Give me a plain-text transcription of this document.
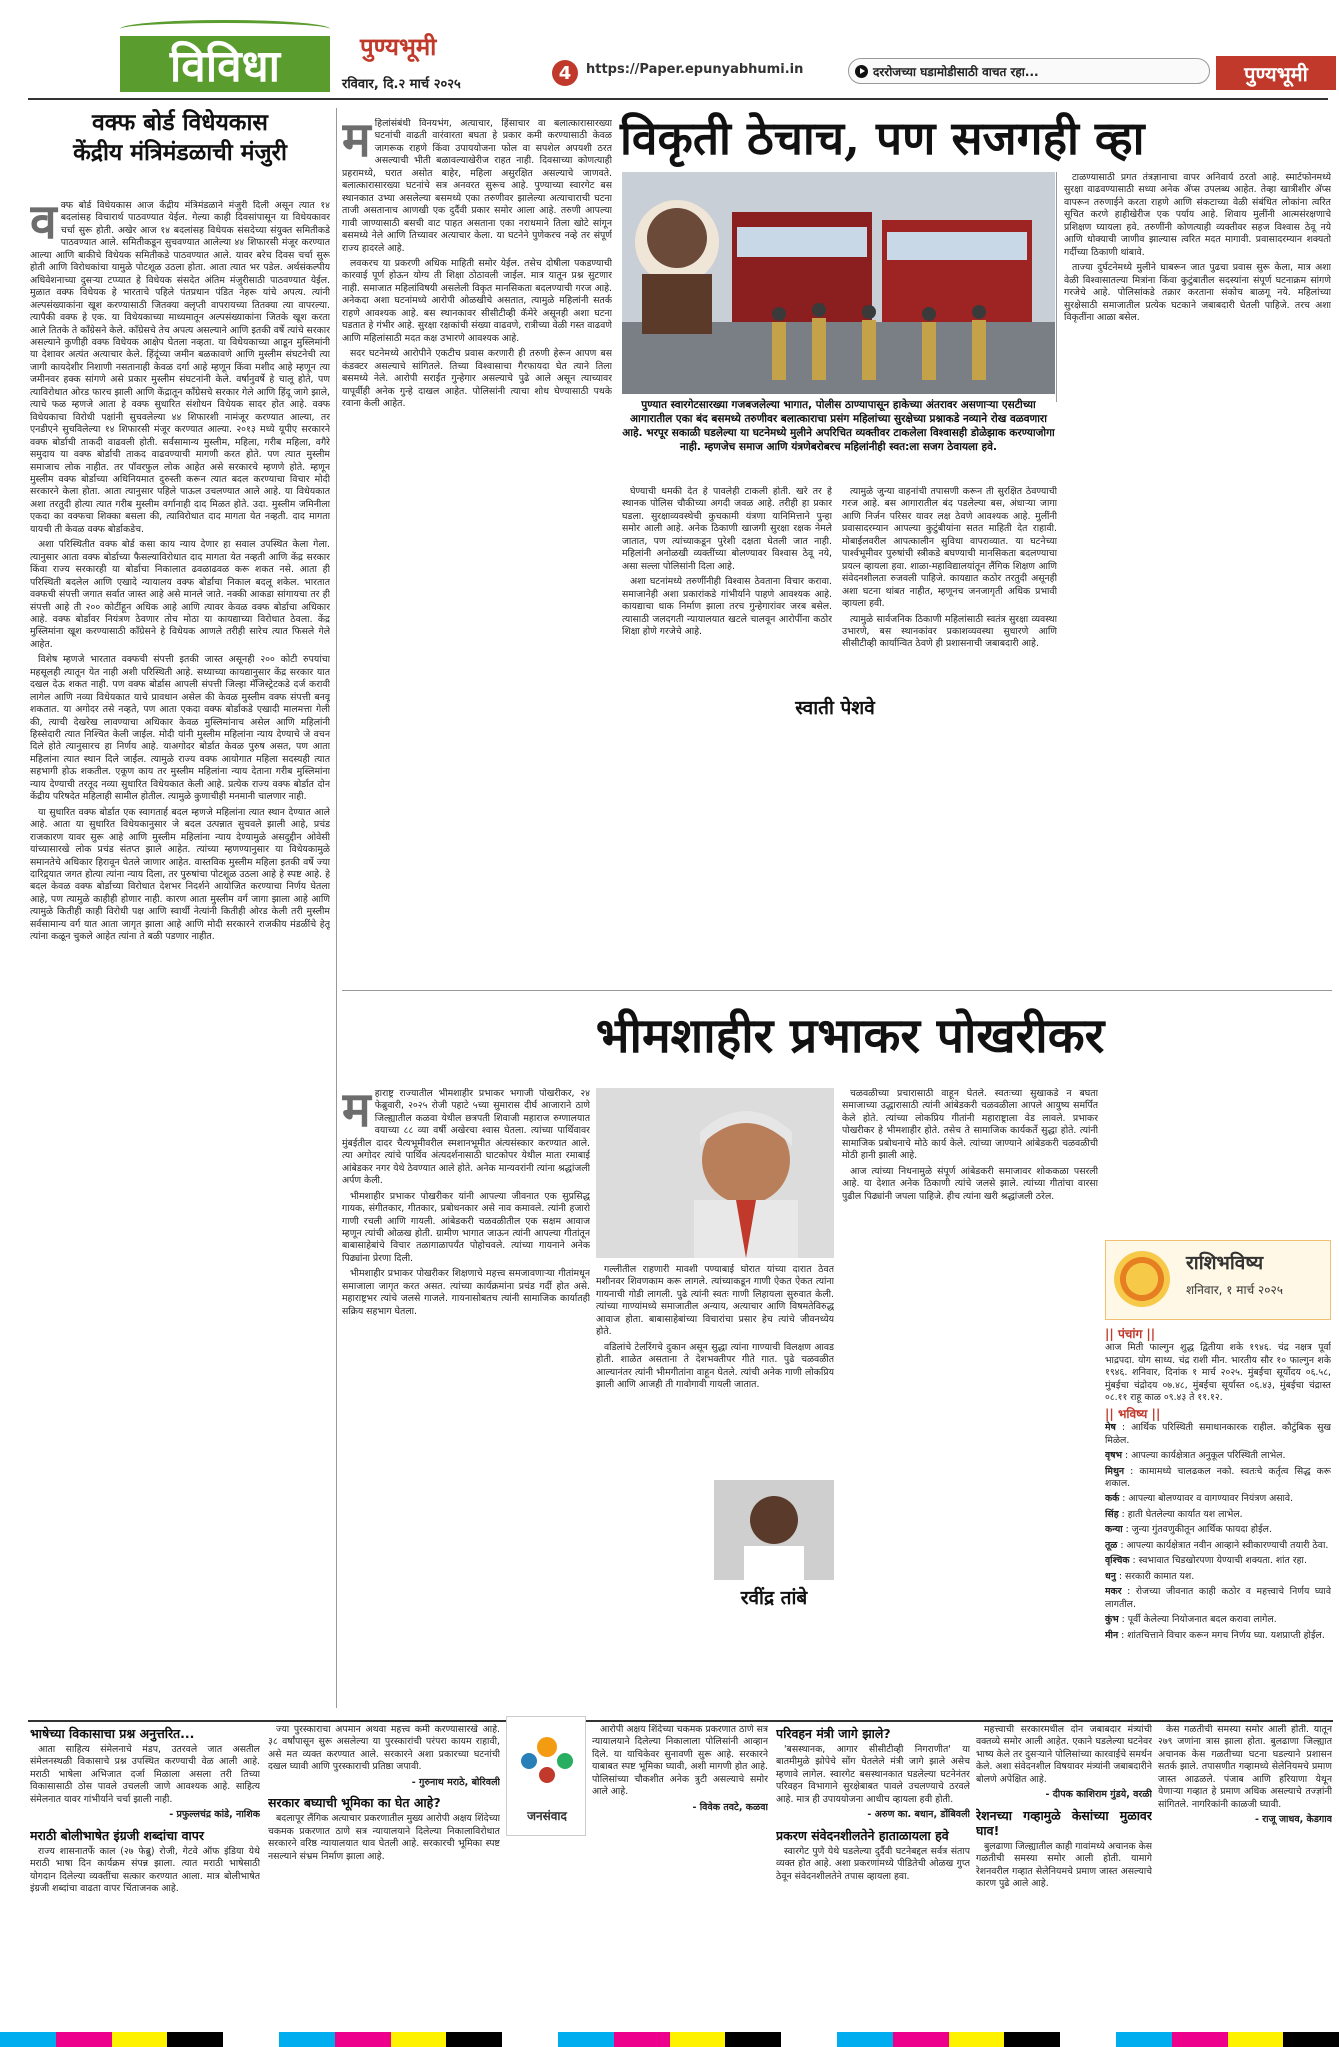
विविधा	पुण्यभूमी
रविवार, दि.२ मार्च २०२५
4	https://Paper.epunyabhumi.in	दररोजच्या घडामोडीसाठी वाचत रहा...	पुण्यभूमी
वक्फ बोर्ड विधेयकास
केंद्रीय मंत्रिमंडळाची मंजुरी

वक्फ बोर्ड विधेयकास आज केंद्रीय मंत्रिमंडळाने मंजुरी दिली असून त्यात १४ बदलांसह विचारार्थ पाठवण्यात येईल. गेल्या काही दिवसांपासून या विधेयकावर चर्चा सुरू होती. अखेर आज १४ बदलांसह विधेयक संसदेच्या संयुक्त समितीकडे पाठवण्यात आले. समितीकडून सुचवण्यात आलेल्या ४४ शिफारसी मंजूर करण्यात आल्या आणि बाकीचे विधेयक समितीकडे पाठवण्यात आले. यावर बरेच दिवस चर्चा सुरू होती आणि विरोधकांचा यामुळे पोटशूळ उठला होता. आता त्यात भर पडेल. अर्थसंकल्पीय अधिवेशनाच्या दुसऱ्या टप्प्यात हे विधेयक संसदेत अंतिम मंजुरीसाठी पाठवण्यात येईल. मुळात वक्फ विधेयक हे भारताचे पहिले पंतप्रधान पंडित नेहरू यांचे अपत्य. त्यांनी अल्पसंख्याकांना खूश करण्यासाठी जितक्या क्लृप्ती वापरायच्या तितक्या त्या वापरल्या. त्यापैकी वक्फ हे एक. या विधेयकाच्या माध्यमातून अल्पसंख्याकांना जितके खूश करता आले तितके ते काँग्रेसने केले. काँग्रेसचे तेच अपत्य असल्याने आणि इतकी वर्षे त्यांचे सरकार असल्याने कुणीही वक्फ विधेयक आक्षेप घेतला नव्हता. या विधेयकाच्या आडून मुस्लिमांनी या देशावर अत्यंत अत्याचार केले. हिंदूंच्या जमीन बळकावणे आणि मुस्लीम संघटनेची त्या जागी कायदेशीर निशाणी नसतानाही केवळ दर्गा आहे म्हणून किंवा मशीद आहे म्हणून त्या जमीनवर हक्क सांगणे असे प्रकार मुस्लीम संघटनांनी केले. वर्षानुवर्षे हे चालू होते, पण त्याविरोधात ओरड फारच झाली आणि केंद्रातून काँग्रेसचे सरकार गेले आणि हिंदू जागे झाले, त्याचे फळ म्हणजे आता हे वक्फ सुधारित संशोधन विधेयक सादर होत आहे. वक्फ विधेयकाचा विरोधी पक्षांनी सुचवलेल्या ४४ शिफारशी नामंजूर करण्यात आल्या, तर एनडीएने सुचविलेल्या १४ शिफारसी मंजूर करण्यात आल्या. २०१३ मध्ये यूपीए सरकारने वक्फ बोर्डाची ताकदी वाढवली होती. सर्वसामान्य मुस्लीम, महिला, गरीब महिला, वगैरे समुदाय या वक्फ बोर्डाची ताकद वाढवण्याची मागणी करत होते. पण त्यात मुस्लीम समाजाच लोक नाहीत. तर पॉवरफुल लोक आहेत असे सरकारचे म्हणणे होते. म्हणून मुस्लीम वक्फ बोर्डाच्या अधिनियमात दुरुस्ती करून त्यात बदल करण्याचा विचार मोदी सरकारने केला होता. आता त्यानुसार पहिले पाऊल उचलण्यात आले आहे. या विधेयकात अशा तरतुदी होत्या त्यात गरीब मुस्लीम वर्गानाही दाद मिळत होते. उदा. मुस्लीम जमिनीला एकदा का वक्फचा शिक्का बसला की, त्याविरोधात दाद मागता येत नव्हती. दाद मागता यायची ती केवळ वक्फ बोर्डाकडेच.

अशा परिस्थितीत वक्फ बोर्ड कसा काय न्याय देणार हा सवाल उपस्थित केला गेला. त्यानुसार आता वक्फ बोर्डाच्या फैसल्याविरोधात दाद मागता येत नव्हती आणि केंद्र सरकार किंवा राज्य सरकारही या बोर्डाचा निकालात ढवळाढवळ करू शकत नसे. आता ही परिस्थिती बदलेल आणि एखादे न्यायालय वक्फ बोर्डाचा निकाल बदलू शकेल. भारतात वक्फची संपत्ती जगात सर्वात जास्त आहे असे मानले जाते. नक्की आकडा सांगायचा तर ही संपत्ती आहे ती २०० कोटींहून अधिक आहे आणि त्यावर केवळ वक्फ बोर्डाचा अधिकार आहे. वक्फ बोर्डावर नियंत्रण ठेवणार तोच मोठा या कायद्याच्या विरोधात ठेवला. केंद्र मुस्लिमांना खूश करण्यासाठी काँग्रेसने हे विधेयक आणले तरीही सारेच त्यात फिसले गेले आहेत.

विशेष म्हणजे भारतात वक्फची संपत्ती इतकी जास्त असूनही २०० कोटी रुपयांचा महसूलही त्यातून येत नाही अशी परिस्थिती आहे. सध्याच्या कायद्यानुसार केंद्र सरकार यात दखल देऊ शकत नाही. पण वक्फ बोर्डास आपली संपत्ती जिल्हा मॅजिस्ट्रेटकडे दर्ज करावी लागेल आणि नव्या विधेयकात याचे प्रावधान असेल की केवळ मुस्लीम वक्फ संपत्ती बनवू शकतात. या अगोदर तसे नव्हते, पण आता एकदा वक्फ बोर्डाकडे एखादी मालमत्ता गेली की, त्याची देखरेख लावण्याचा अधिकार केवळ मुस्लिमांनाच असेल आणि महिलांनी हिस्सेदारी त्यात निश्चित केली जाईल. मोदी यांनी मुस्लीम महिलांना न्याय देण्याचे जे वचन दिले होते त्यानुसारच हा निर्णय आहे. याअगोदर बोर्डात केवळ पुरुष असत, पण आता महिलांना त्यात स्थान दिले जाईल. त्यामुळे राज्य वक्फ आयोगात महिला सदस्यही त्यात सहभागी होऊ शकतील. एकूण काय तर मुस्लीम महिलांना न्याय देताना गरीब मुस्लिमांना न्याय देण्याची तरतूद नव्या सुधारित विधेयकात केली आहे. प्रत्येक राज्य वक्फ बोर्डात दोन केंद्रीय परिषदेत महिलाही सामील होतील. त्यामुळे कुणाचीही मनमानी चालणार नाही.

या सुधारित वक्फ बोर्डात एक स्वागतार्ह बदल म्हणजे महिलांना त्यात स्थान देण्यात आले आहे. आता या सुधारित विधेयकानुसार जे बदल उत्पन्नात सुचवले झाली आहे, प्रचंड राजकारण यावर सुरू आहे आणि मुस्लीम महिलांना न्याय देण्यामुळे असदुद्दीन ओवेसी यांच्यासारखे लोक प्रचंड संतप्त झाले आहेत. त्यांच्या म्हणण्यानुसार या विधेयकामुळे समानतेचे अधिकार हिरावून घेतले जाणार आहेत. वास्तविक मुस्लीम महिला इतकी वर्षे ज्या दारिद्र्यात जगत होत्या त्यांना न्याय दिला, तर पुरुषांचा पोटशूळ उठला आहे हे स्पष्ट आहे. हे बदल केवळ वक्फ बोर्डाच्या विरोधात देशभर निदर्शने आयोजित करण्याचा निर्णय घेतला आहे, पण त्यामुळे काहीही होणार नाही. कारण आता मुस्लीम वर्ग जागा झाला आहे आणि त्यामुळे कितीही काही विरोधी पक्ष आणि स्वार्थी नेत्यांनी कितीही ओरड केली तरी मुस्लीम सर्वसामान्य वर्ग यात आता जागृत झाला आहे आणि मोदी सरकारने राजकीय मंडळींचे हेतू त्यांना कळून चुकले आहेत त्यांना ते बळी पडणार नाहीत.

विकृती ठेचाच, पण सजगही व्हा

महिलांसंबंधी विनयभंग, अत्याचार, हिंसाचार वा बलात्कारासारख्या घटनांची वाढती वारंवारता बघता हे प्रकार कमी करण्यासाठी केवळ जागरूक राहणे किंवा उपाययोजना फोल वा सपशेल अपयशी ठरत असल्याची भीती बळावल्याखेरीज राहत नाही. दिवसाच्या कोणत्याही प्रहरामध्ये, घरात असोत बाहेर, महिला असुरक्षित असल्याचे जाणवते. बलात्कारासारख्या घटनांचे सत्र अनवरत सुरूच आहे. पुण्याच्या स्वारगेट बस स्थानकात उभ्या असलेल्या बसमध्ये एका तरुणीवर झालेल्या अत्याचाराची घटना ताजी असतानाच आणखी एक दुर्दैवी प्रकार समोर आला आहे. तरुणी आपल्या गावी जाण्यासाठी बसची वाट पाहत असताना एका नराधमाने तिला खोटे सांगून बसमध्ये नेले आणि तिच्यावर अत्याचार केला. या घटनेने पुणेकरच नव्हे तर संपूर्ण राज्य हादरले आहे.

लवकरच या प्रकरणी अधिक माहिती समोर येईल. तसेच दोषीला पकडण्याची कारवाई पूर्ण होऊन योग्य ती शिक्षा ठोठावली जाईल. मात्र यातून प्रश्न सुटणार नाही. समाजात महिलांविषयी असलेली विकृत मानसिकता बदलण्याची गरज आहे. अनेकदा अशा घटनांमध्ये आरोपी ओळखीचे असतात, त्यामुळे महिलांनी सतर्क राहणे आवश्यक आहे. बस स्थानकावर सीसीटीव्ही कॅमेरे असूनही अशा घटना घडतात हे गंभीर आहे. सुरक्षा रक्षकांची संख्या वाढवणे, रात्रीच्या वेळी गस्त वाढवणे आणि महिलांसाठी मदत कक्ष उभारणे आवश्यक आहे.

सदर घटनेमध्ये आरोपीने एकटीच प्रवास करणारी ही तरुणी हेरून आपण बस कंडक्टर असल्याचे सांगितले. तिच्या विश्वासाचा गैरफायदा घेत त्याने तिला बसमध्ये नेले. आरोपी सराईत गुन्हेगार असल्याचे पुढे आले असून त्याच्यावर यापूर्वीही अनेक गुन्हे दाखल आहेत. पोलिसांनी त्याचा शोध घेण्यासाठी पथके रवाना केली आहेत.	पुण्यात स्वारगेटसारख्या गजबजलेल्या भागात, पोलीस ठाण्यापासून हाकेच्या अंतरावर असणाऱ्या एसटीच्या आगारातील एका बंद बसमध्ये तरुणीवर बलात्काराचा प्रसंग महिलांच्या सुरक्षेच्या प्रश्नाकडे नव्याने रोख वळवणारा आहे. भरपूर सकाळी घडलेल्या या घटनेमध्ये मुलीने अपरिचित व्यक्तीवर टाकलेला विश्वासही डोळेझाक करण्याजोगा नाही. म्हणजेच समाज आणि यंत्रणेबरोबरच महिलांनीही स्वत:ला सजग ठेवायला हवे.

घेण्याची धमकी देत हे पावलेही टाकली होती. खरे तर हे स्थानक पोलिस चौकीच्या अगदी जवळ आहे. तरीही हा प्रकार घडला. सुरक्षाव्यवस्थेची कुचकामी यंत्रणा यानिमित्ताने पुन्हा समोर आली आहे. अनेक ठिकाणी खाजगी सुरक्षा रक्षक नेमले जातात, पण त्यांच्याकडून पुरेशी दक्षता घेतली जात नाही. महिलांनी अनोळखी व्यक्तींच्या बोलण्यावर विश्वास ठेवू नये, असा सल्ला पोलिसांनी दिला आहे.

अशा घटनांमध्ये तरुणींनीही विश्वास ठेवताना विचार करावा. समाजानेही अशा प्रकारांकडे गांभीर्याने पाहणे आवश्यक आहे. कायद्याचा धाक निर्माण झाला तरच गुन्हेगारांवर जरब बसेल. त्यासाठी जलदगती न्यायालयात खटले चालवून आरोपींना कठोर शिक्षा होणे गरजेचे आहे.

स्वाती पेशवे

त्यामुळे जुन्या वाहनांची तपासणी करून ती सुरक्षित ठेवण्याची गरज आहे. बस आगारातील बंद पडलेल्या बस, अंधाऱ्या जागा आणि निर्जन परिसर यावर लक्ष ठेवणे आवश्यक आहे. मुलींनी प्रवासादरम्यान आपल्या कुटुंबीयांना सतत माहिती देत राहावी. मोबाईलवरील आपत्कालीन सुविधा वापराव्यात. या घटनेच्या पार्श्वभूमीवर पुरुषांची स्त्रीकडे बघण्याची मानसिकता बदलण्याचा प्रयत्न व्हायला हवा. शाळा-महाविद्यालयांतून लैंगिक शिक्षण आणि संवेदनशीलता रुजवली पाहिजे. कायद्यात कठोर तरतुदी असूनही अशा घटना थांबत नाहीत, म्हणूनच जनजागृती अधिक प्रभावी व्हायला हवी.

त्यामुळे सार्वजनिक ठिकाणी महिलांसाठी स्वतंत्र सुरक्षा व्यवस्था उभारणे, बस स्थानकांवर प्रकाशव्यवस्था सुधारणे आणि सीसीटीव्ही कार्यान्वित ठेवणे ही प्रशासनाची जबाबदारी आहे.

टाळण्यासाठी प्रगत तंत्रज्ञानाचा वापर अनिवार्य ठरतो आहे. स्मार्टफोनमध्ये सुरक्षा वाढवण्यासाठी सध्या अनेक ॲप्स उपलब्ध आहेत. तेव्हा खात्रीशीर ॲप्स वापरून तरुणाईने करता राहणे आणि संकटाच्या वेळी संबंधित लोकांना त्वरित सूचित करणे हाहीखेरीज एक पर्याय आहे. शिवाय मुलींनी आत्मसंरक्षणाचे प्रशिक्षण घ्यायला हवे. तरुणींनी कोणत्याही व्यक्तीवर सहज विश्वास ठेवू नये आणि धोक्याची जाणीव झाल्यास त्वरित मदत मागावी. प्रवासादरम्यान शक्यतो गर्दीच्या ठिकाणी थांबावे.

ताज्या दुर्घटनेमध्ये मुलीने घाबरून जात पुढचा प्रवास सुरू केला, मात्र अशा वेळी विश्वासातल्या मित्रांना किंवा कुटुंबातील सदस्यांना संपूर्ण घटनाक्रम सांगणे गरजेचे आहे. पोलिसांकडे तक्रार करताना संकोच बाळगू नये. महिलांच्या सुरक्षेसाठी समाजातील प्रत्येक घटकाने जबाबदारी घेतली पाहिजे. तरच अशा विकृतींना आळा बसेल.

भीमशाहीर प्रभाकर पोखरीकर

महाराष्ट्र राज्यातील भीमशाहीर प्रभाकर भगाजी पोखरीकर, २४ फेब्रुवारी, २०२५ रोजी पहाटे ५च्या सुमारास दीर्घ आजाराने ठाणे जिल्ह्यातील कळवा येथील छत्रपती शिवाजी महाराज रुग्णालयात वयाच्या ८८ व्या वर्षी अखेरचा श्वास घेतला. त्यांच्या पार्थिवावर मुंबईतील दादर चैत्यभूमीवरील स्मशानभूमीत अंत्यसंस्कार करण्यात आले. त्या अगोदर त्यांचे पार्थिव अंत्यदर्शनासाठी घाटकोपर येथील माता रमाबाई आंबेडकर नगर येथे ठेवण्यात आले होते. अनेक मान्यवरांनी त्यांना श्रद्धांजली अर्पण केली.

भीमशाहीर प्रभाकर पोखरीकर यांनी आपल्या जीवनात एक सुप्रसिद्ध गायक, संगीतकार, गीतकार, प्रबोधनकार असे नाव कमावले. त्यांनी हजारो गाणी रचली आणि गायली. आंबेडकरी चळवळीतील एक सक्षम आवाज म्हणून त्यांची ओळख होती. ग्रामीण भागात जाऊन त्यांनी आपल्या गीतांतून बाबासाहेबांचे विचार तळागाळापर्यंत पोहोचवले. त्यांच्या गायनाने अनेक पिढ्यांना प्रेरणा दिली.

भीमशाहीर प्रभाकर पोखरीकर शिक्षणाचे महत्त्व समजावणाऱ्या गीतांमधून समाजाला जागृत करत असत. त्यांच्या कार्यक्रमांना प्रचंड गर्दी होत असे. महाराष्ट्रभर त्यांचे जलसे गाजले. गायनासोबतच त्यांनी सामाजिक कार्यातही सक्रिय सहभाग घेतला.

गल्लीतील राहणारी मावशी पण्याबाई घोरात यांच्या दारात ठेवत मशीनवर शिवणकाम करू लागले. त्यांच्याकडून गाणी ऐकत ऐकत त्यांना गायनाची गोडी लागली. पुढे त्यांनी स्वतः गाणी लिहायला सुरुवात केली. त्यांच्या गाण्यांमध्ये समाजातील अन्याय, अत्याचार आणि विषमतेविरुद्ध आवाज होता. बाबासाहेबांच्या विचारांचा प्रसार हेच त्यांचे जीवनध्येय होते.

वडिलांचे टेलरिंगचे दुकान असून सुद्धा त्यांना गाण्याची विलक्षण आवड होती. शाळेत असताना ते देशभक्तीपर गीते गात. पुढे चळवळीत आल्यानंतर त्यांनी भीमगीतांना वाहून घेतले. त्यांची अनेक गाणी लोकप्रिय झाली आणि आजही ती गावोगावी गायली जातात.

रवींद्र तांबे

चळवळीच्या प्रचारासाठी वाहून घेतले. स्वतःच्या सुखाकडे न बघता समाजाच्या उद्धारासाठी त्यांनी आंबेडकरी चळवळीला आपले आयुष्य समर्पित केले होते. त्यांच्या लोकप्रिय गीतांनी महाराष्ट्राला वेड लावले. प्रभाकर पोखरीकर हे भीमशाहीर होते. तसेच ते सामाजिक कार्यकर्ते सुद्धा होते. त्यांनी सामाजिक प्रबोधनाचे मोठे कार्य केले. त्यांच्या जाण्याने आंबेडकरी चळवळीची मोठी हानी झाली आहे.

आज त्यांच्या निधनामुळे संपूर्ण आंबेडकरी समाजावर शोककळा पसरली आहे. या देशात अनेक ठिकाणी त्यांचे जलसे झाले. त्यांच्या गीतांचा वारसा पुढील पिढ्यांनी जपला पाहिजे. हीच त्यांना खरी श्रद्धांजली ठरेल.

राशिभविष्य
शनिवार, १ मार्च २०२५
|| पंचांग ||

आज मिती फाल्गुन शुद्ध द्वितीया शके १९४६. चंद्र नक्षत्र पूर्वा भाद्रपदा. योग साध्य. चंद्र राशी मीन. भारतीय सौर १० फाल्गुन शके १९४६. शनिवार, दिनांक १ मार्च २०२५. मुंबईचा सूर्योदय ०६.५८, मुंबईचा चंद्रोदय ०७.४८, मुंबईचा सूर्यास्त ०६.४३, मुंबईचा चंद्रास्त ०८.११ राहू काळ ०९.४३ ते ११.१२.

|| भविष्य ||

मेष : आर्थिक परिस्थिती समाधानकारक राहील. कौटुंबिक सुख मिळेल.

वृषभ : आपल्या कार्यक्षेत्रात अनुकूल परिस्थिती लाभेल.

मिथुन : कामामध्ये चालढकल नको. स्वतःचे कर्तृत्व सिद्ध करू शकाल.

कर्क : आपल्या बोलण्यावर व वागण्यावर नियंत्रण असावे.

सिंह : हाती घेतलेल्या कार्यात यश लाभेल.

कन्या : जुन्या गुंतवणुकीतून आर्थिक फायदा होईल.

तूळ : आपल्या कार्यक्षेत्रात नवीन आव्हाने स्वीकारण्याची तयारी ठेवा.

वृश्चिक : स्वभावात चिडखोरपणा येण्याची शक्यता. शांत रहा.

धनु : सरकारी कामात यश.

मकर : रोजच्या जीवनात काही कठोर व महत्त्वाचे निर्णय घ्यावे लागतील.

कुंभ : पूर्वी केलेल्या नियोजनात बदल करावा लागेल.

मीन : शांतचित्ताने विचार करून मगच निर्णय घ्या. यशप्राप्ती होईल.

भाषेच्या विकासाचा प्रश्न अनुत्तरित...

आता साहित्य संमेलनाचे मंडप, उतरवले जात असतील संमेलनस्थळी विकासाचे प्रश्न उपस्थित करण्याची वेळ आली आहे. मराठी भाषेला अभिजात दर्जा मिळाला असला तरी तिच्या विकासासाठी ठोस पावले उचलली जाणे आवश्यक आहे. साहित्य संमेलनात यावर गांभीर्याने चर्चा झाली नाही.

- प्रफुल्लचंद्र कांडे, नाशिक
मराठी बोलीभाषेत इंग्रजी शब्दांचा वापर

राज्य शासनातर्फे काल (२७ फेब्रु) रोजी, गेटवे ऑफ इंडिया येथे मराठी भाषा दिन कार्यक्रम संपन्न झाला. त्यात मराठी भाषेसाठी योगदान दिलेल्या व्यक्तींचा सत्कार करण्यात आला. मात्र बोलीभाषेत इंग्रजी शब्दांचा वाढता वापर चिंताजनक आहे.

ज्या पुरस्काराचा अपमान अथवा महत्त्व कमी करण्यासारखे आहे. ३८ वर्षांपासून सुरू असलेल्या या पुरस्कारांची परंपरा कायम राहावी, असे मत व्यक्त करण्यात आले. सरकारने अशा प्रकारच्या घटनांची दखल घ्यावी आणि पुरस्काराची प्रतिष्ठा जपावी.

- गुरुनाथ मराठे, बोरिवली
सरकार बघ्याची भूमिका का घेत आहे?

बदलापूर लैंगिक अत्याचार प्रकरणातील मुख्य आरोपी अक्षय शिंदेच्या चकमक प्रकरणात ठाणे सत्र न्यायालयाने दिलेल्या निकालाविरोधात सरकारने वरिष्ठ न्यायालयात धाव घेतली आहे. सरकारची भूमिका स्पष्ट नसल्याने संभ्रम निर्माण झाला आहे.

जनसंवाद

आरोपी अक्षय शिंदेच्या चकमक प्रकरणात ठाणे सत्र न्यायालयाने दिलेल्या निकालाला पोलिसांनी आव्हान दिले. या याचिकेवर सुनावणी सुरू आहे. सरकारने याबाबत स्पष्ट भूमिका घ्यावी, अशी मागणी होत आहे. पोलिसांच्या चौकशीत अनेक त्रुटी असल्याचे समोर आले आहे.

- विवेक तवटे, कळवा
परिवहन मंत्री जागे झाले?

'बसस्थानक, आगार सीसीटीव्ही निगराणीत' या बातमीमुळे झोपेचे सोंग घेतलेले मंत्री जागे झाले असेच म्हणावे लागेल. स्वारगेट बसस्थानकात घडलेल्या घटनेनंतर परिवहन विभागाने सुरक्षेबाबत पावले उचलण्याचे ठरवले आहे. मात्र ही उपाययोजना आधीच व्हायला हवी होती.

- अरुण का. बधान, डोंबिवली
प्रकरण संवेदनशीलतेने हाताळायला हवे

स्वारगेट पुणे येथे घडलेल्या दुर्दैवी घटनेबद्दल सर्वत्र संताप व्यक्त होत आहे. अशा प्रकरणांमध्ये पीडितेची ओळख गुप्त ठेवून संवेदनशीलतेने तपास व्हायला हवा.

महत्त्वाची सरकारमधील दोन जबाबदार मंत्र्यांची वक्तव्ये समोर आली आहेत. एकाने घडलेल्या घटनेवर भाष्य केले तर दुसऱ्याने पोलिसांच्या कारवाईचे समर्थन केले. अशा संवेदनशील विषयावर मंत्र्यांनी जबाबदारीने बोलणे अपेक्षित आहे.

- दीपक काशिराम गुंडये, वरळी
रेशनच्या गव्हामुळे केसांच्या मुळावर घाव!

बुलढाणा जिल्ह्यातील काही गावांमध्ये अचानक केस गळतीची समस्या समोर आली होती. यामागे रेशनवरील गव्हात सेलेनियमचे प्रमाण जास्त असल्याचे कारण पुढे आले आहे.

केस गळतीची समस्या समोर आली होती. यातून २७९ जणांना त्रास झाला होता. बुलढाणा जिल्ह्यात अचानक केस गळतीच्या घटना घडल्याने प्रशासन सतर्क झाले. तपासणीत गव्हामध्ये सेलेनियमचे प्रमाण जास्त आढळले. पंजाब आणि हरियाणा येथून येणाऱ्या गव्हात हे प्रमाण अधिक असल्याचे तज्ज्ञांनी सांगितले. नागरिकांनी काळजी घ्यावी.

- राजू जाधव, केडगाव
